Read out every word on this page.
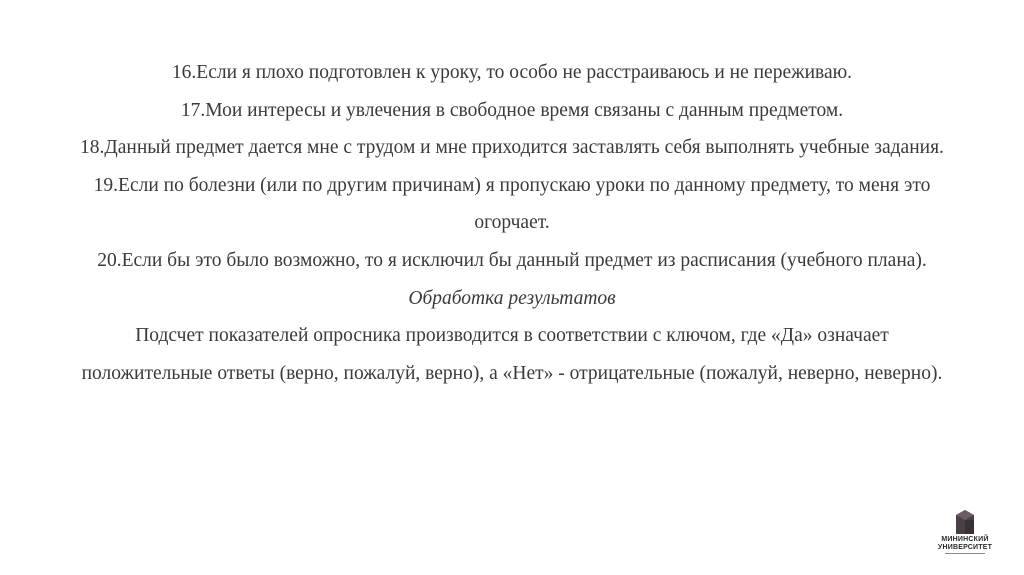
16.Если я плохо подготовлен к уроку, то особо не расстраиваюсь и не переживаю.
17.Мои интересы и увлечения в свободное время связаны с данным предметом.
18.Данный предмет дается мне с трудом и мне приходится заставлять себя выполнять учебные задания.
19.Если по болезни (или по другим причинам) я пропускаю уроки по данному предмету, то меня это
огорчает.
20.Если бы это было возможно, то я исключил бы данный предмет из расписания (учебного плана).
Обработка результатов
Подсчет показателей опросника производится в соответствии с ключом, где «Да» означает
положительные ответы (верно, пожалуй, верно), а «Нет» - отрицательные (пожалуй, неверно, неверно).
МИНИНСКИЙ
УНИВЕРСИТЕТ
